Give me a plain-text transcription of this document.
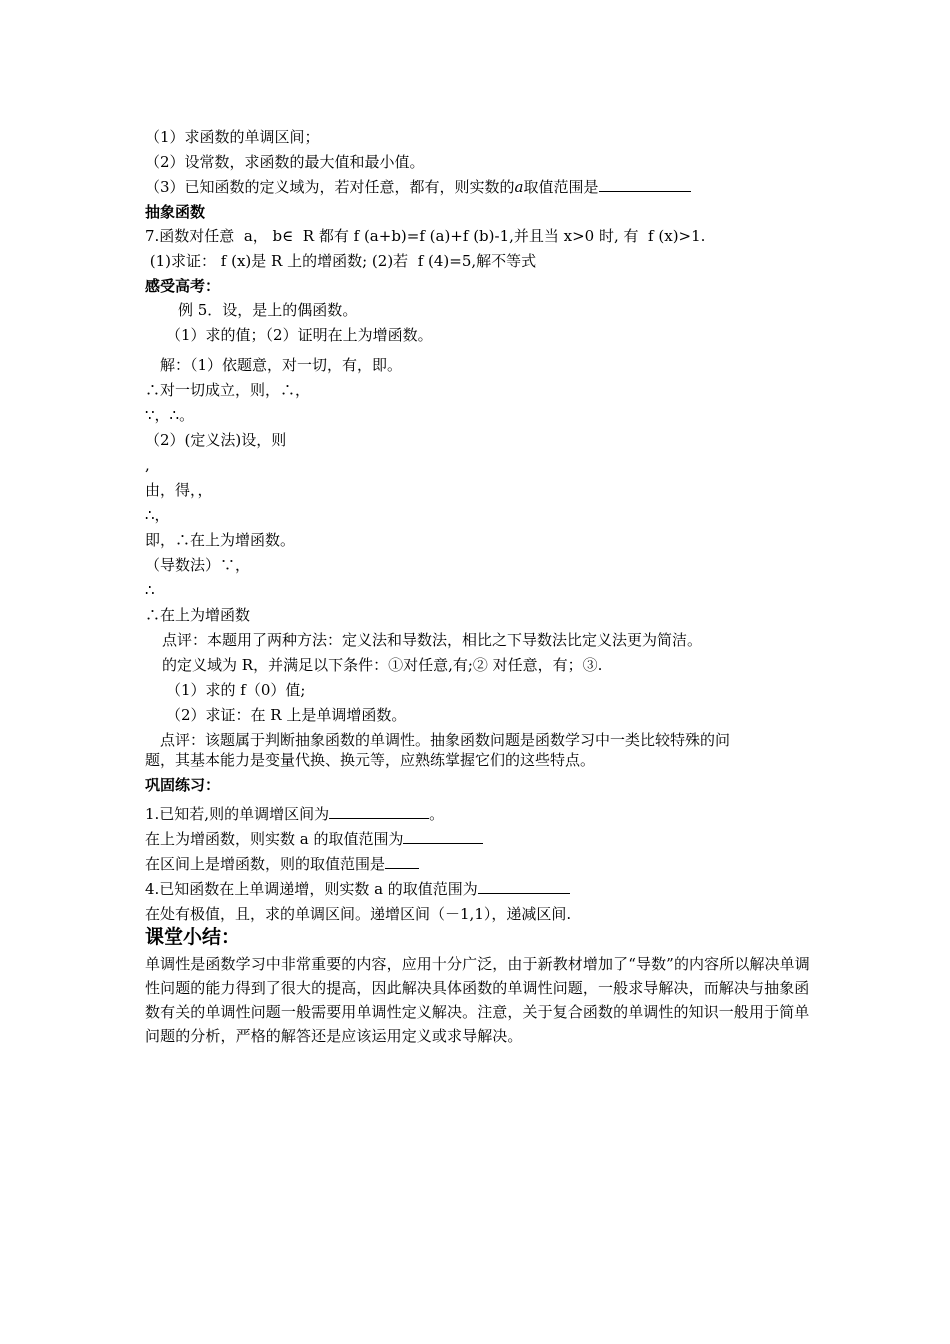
（1）求函数的单调区间；
（2）设常数，求函数的最大值和最小值。
（3）已知函数的定义域为，若对任意，都有，则实数的a取值范围是
抽象函数
7.函数对任意  a， b∈  R 都有 f (a+b)=f (a)+f (b)-1,并且当 x>0 时, 有  f (x)>1.
(1)求证： f (x)是 R 上的增函数; (2)若  f (4)=5,解不等式
感受高考：
例 5．设，是上的偶函数。
（1）求的值；（2）证明在上为增函数。
解：（1）依题意，对一切，有，即。
∴对一切成立，则，∴，
∵，∴。
（2）(定义法)设，则
,
由，得，，
∴，
即，∴在上为增函数。
（导数法）∵，
∴
∴在上为增函数
点评：本题用了两种方法：定义法和导数法，相比之下导数法比定义法更为简洁。
的定义域为 R，并满足以下条件：①对任意,有;② 对任意，有；③.
（1）求的 f（0）值;
（2）求证：在 R 上是单调增函数。
点评：该题属于判断抽象函数的单调性。抽象函数问题是函数学习中一类比较特殊的问
题，其基本能力是变量代换、换元等，应熟练掌握它们的这些特点。
巩固练习：
1.已知若,则的单调增区间为	。
在上为增函数，则实数 a 的取值范围为
在区间上是增函数，则的取值范围是
4.已知函数在上单调递增，则实数 a 的取值范围为
在处有极值，且，求的单调区间。递增区间（－1,1），递减区间.
课堂小结：
单调性是函数学习中非常重要的内容，应用十分广泛，由于新教材增加了“导数”的内容所以解决单调性问题的能力得到了很大的提高，因此解决具体函数的单调性问题，一般求导解决，而解决与抽象函数有关的单调性问题一般需要用单调性定义解决。注意，关于复合函数的单调性的知识一般用于简单问题的分析，严格的解答还是应该运用定义或求导解决。
